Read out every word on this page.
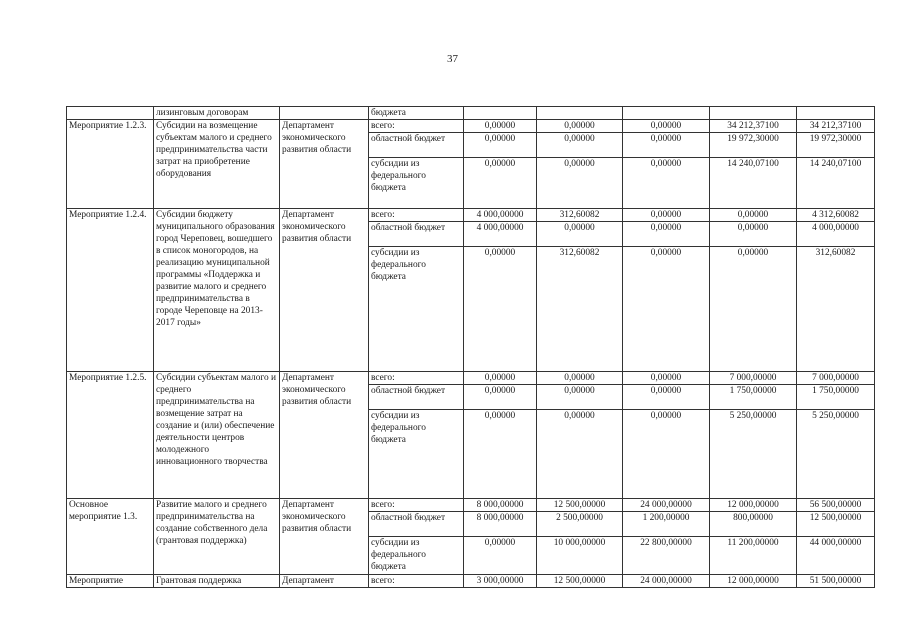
37
	лизинговым договорам		бюджета					
Мероприятие 1.2.3.	Субсидии на возмещение субъектам малого и среднего предпринимательства части затрат на приобретение оборудования	Департамент экономического развития области	всего:	0,00000	0,00000	0,00000	34 212,37100	34 212,37100
			областной бюджет	0,00000	0,00000	0,00000	19 972,30000	19 972,30000
			субсидии из федерального бюджета	0,00000	0,00000	0,00000	14 240,07100	14 240,07100
Мероприятие 1.2.4.	Субсидии бюджету муниципального образования город Череповец, вошедшего в список моногородов, на реализацию муниципальной программы «Поддержка и развитие малого и среднего предпринимательства в городе Череповце на 2013-2017 годы»	Департамент экономического развития области	всего:	4 000,00000	312,60082	0,00000	0,00000	4 312,60082
			областной бюджет	4 000,00000	0,00000	0,00000	0,00000	4 000,00000
			субсидии из федерального бюджета	0,00000	312,60082	0,00000	0,00000	312,60082
Мероприятие 1.2.5.	Субсидии субъектам малого и среднего предпринимательства на возмещение затрат на создание и (или) обеспечение деятельности центров молодежного инновационного творчества	Департамент экономического развития области	всего:	0,00000	0,00000	0,00000	7 000,00000	7 000,00000
			областной бюджет	0,00000	0,00000	0,00000	1 750,00000	1 750,00000
			субсидии из федерального бюджета	0,00000	0,00000	0,00000	5 250,00000	5 250,00000
Основное мероприятие 1.3.	Развитие малого и среднего предпринимательства на создание собственного дела (грантовая поддержка)	Департамент экономического развития области	всего:	8 000,00000	12 500,00000	24 000,00000	12 000,00000	56 500,00000
			областной бюджет	8 000,00000	2 500,00000	1 200,00000	800,00000	12 500,00000
			субсидии из федерального бюджета	0,00000	10 000,00000	22 800,00000	11 200,00000	44 000,00000
Мероприятие	Грантовая поддержка	Департамент	всего:	3 000,00000	12 500,00000	24 000,00000	12 000,00000	51 500,00000
